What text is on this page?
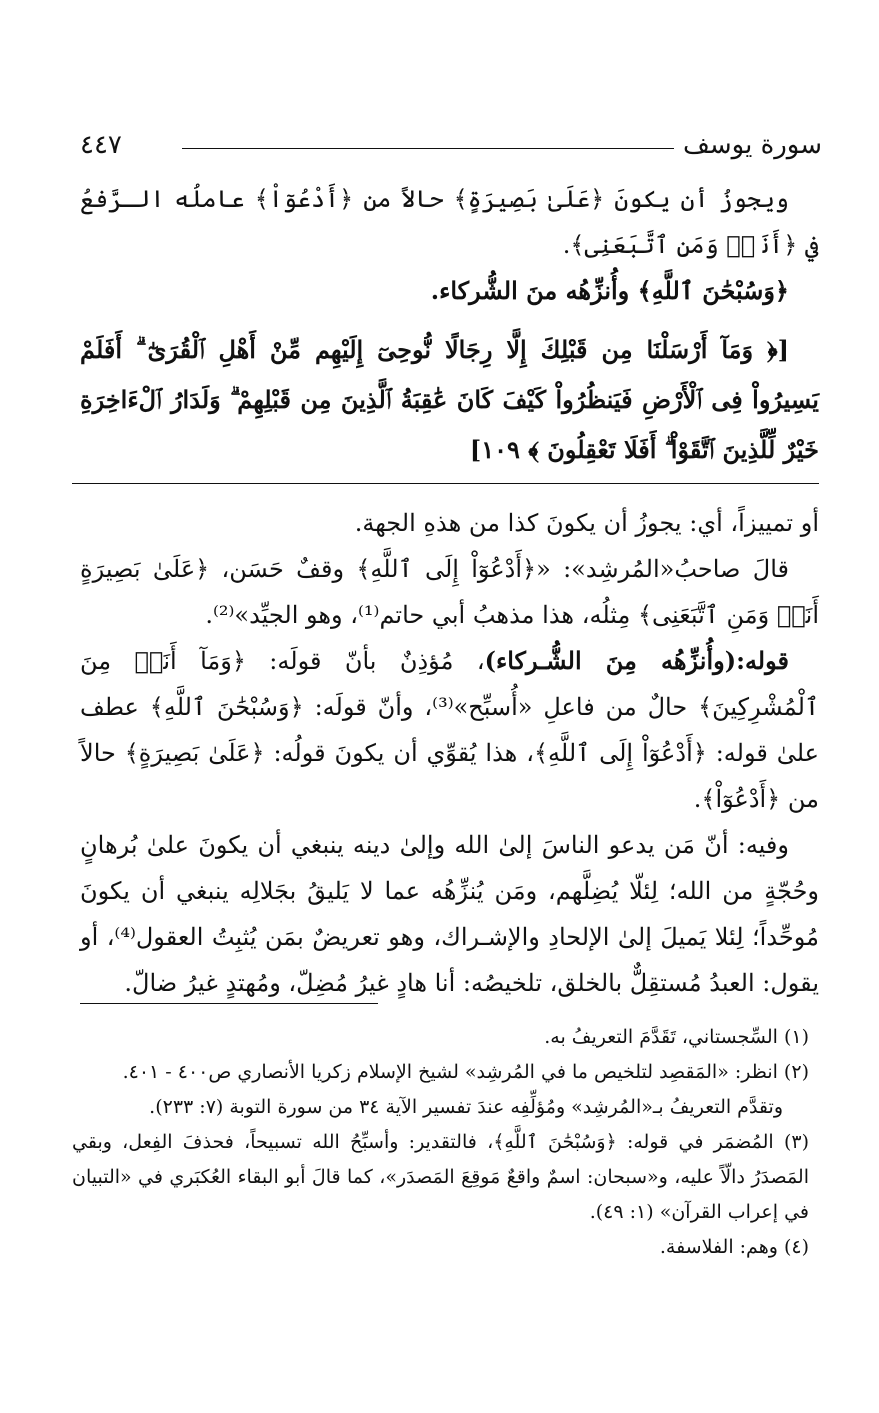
سورة يوسف
٤٤٧

ويجوزُ أن يكونَ ﴿عَلَىٰ بَصِيرَةٍ﴾ حالاً من ﴿أَدْعُوٓاْ﴾ عاملُه الـرَّفعُ في ﴿أَنَا۠ وَمَنِ ٱتَّبَعَنِى﴾.

﴿وَسُبْحَٰنَ ٱللَّهِ﴾ وأُنزِّهُه منَ الشُّركاء.

[﴿ وَمَآ أَرْسَلْنَا مِن قَبْلِكَ إِلَّا رِجَالًا نُّوحِىٓ إِلَيْهِم مِّنْ أَهْلِ ٱلْقُرَىٰٓ ۗ أَفَلَمْ يَسِيرُواْ فِى ٱلْأَرْضِ فَيَنظُرُواْ كَيْفَ كَانَ عَٰقِبَةُ ٱلَّذِينَ مِن قَبْلِهِمْ ۗ وَلَدَارُ ٱلْءَاخِرَةِ خَيْرٌ لِّلَّذِينَ ٱتَّقَوْاْ ۗ أَفَلَا تَعْقِلُونَ ﴾ ١٠٩]

أو تمييزاً، أي: يجوزُ أن يكونَ كذا من هذهِ الجهة.

قالَ صاحبُ«المُرشِد»: «﴿أَدْعُوٓاْ إِلَى ٱللَّهِ﴾ وقفٌ حَسَن، ﴿عَلَىٰ بَصِيرَةٍ أَنَا۠ وَمَنِ ٱتَّبَعَنِى﴾ مِثلُه، هذا مذهبُ أبي حاتم⁽¹⁾، وهو الجيِّد»⁽²⁾.

قوله:(وأُنزِّهُه مِنَ الشُّـركاء)، مُؤذِنٌ بأنّ قولَه: ﴿وَمَآ أَنَا۠ مِنَ ٱلْمُشْرِكِينَ﴾ حالٌ من فاعلِ «أُسبِّح»⁽³⁾، وأنّ قولَه: ﴿وَسُبْحَٰنَ ٱللَّهِ﴾ عطف علىٰ قوله: ﴿أَدْعُوٓاْ إِلَى ٱللَّهِ﴾، هذا يُقوِّي أن يكونَ قولُه: ﴿عَلَىٰ بَصِيرَةٍ﴾ حالاً من ﴿أَدْعُوٓاْ﴾.

وفيه: أنّ مَن يدعو الناسَ إلىٰ الله وإلىٰ دينه ينبغي أن يكونَ علىٰ بُرهانٍ وحُجّةٍ من الله؛ لِئلّا يُضِلَّهم، ومَن يُنزِّهُه عما لا يَليقُ بجَلالِه ينبغي أن يكونَ مُوحِّداً؛ لِئلا يَميلَ إلىٰ الإلحادِ والإشـراك، وهو تعريضٌ بمَن يُثبِتُ العقول⁽⁴⁾، أو يقول: العبدُ مُستقِلٌّ بالخلق، تلخيصُه: أنا هادٍ غيرُ مُضِلّ، ومُهتدٍ غيرُ ضالّ.

(١) السِّجستاني، تَقَدَّمَ التعريفُ به.

(٢) انظر: «المَقصِد لتلخيص ما في المُرشِد» لشيخ الإسلام زكريا الأنصاري ص٤٠٠ - ٤٠١.

وتقدَّم التعريفُ بـ«المُرشِد» ومُؤلِّفِه عندَ تفسير الآية ٣٤ من سورة التوبة (٧: ٢٣٣).

(٣) المُضمَر في قوله: ﴿وَسُبْحَٰنَ ٱللَّهِ﴾، فالتقدير: وأسبِّحُ الله تسبيحاً، فحذفَ الفِعل، وبقي المَصدَرُ دالّاً عليه، و«سبحان: اسمٌ واقعٌ مَوقِعَ المَصدَر»، كما قالَ أبو البقاء العُكبَري في «التبيان في إعراب القرآن» (١: ٤٩).

(٤) وهم: الفلاسفة.
